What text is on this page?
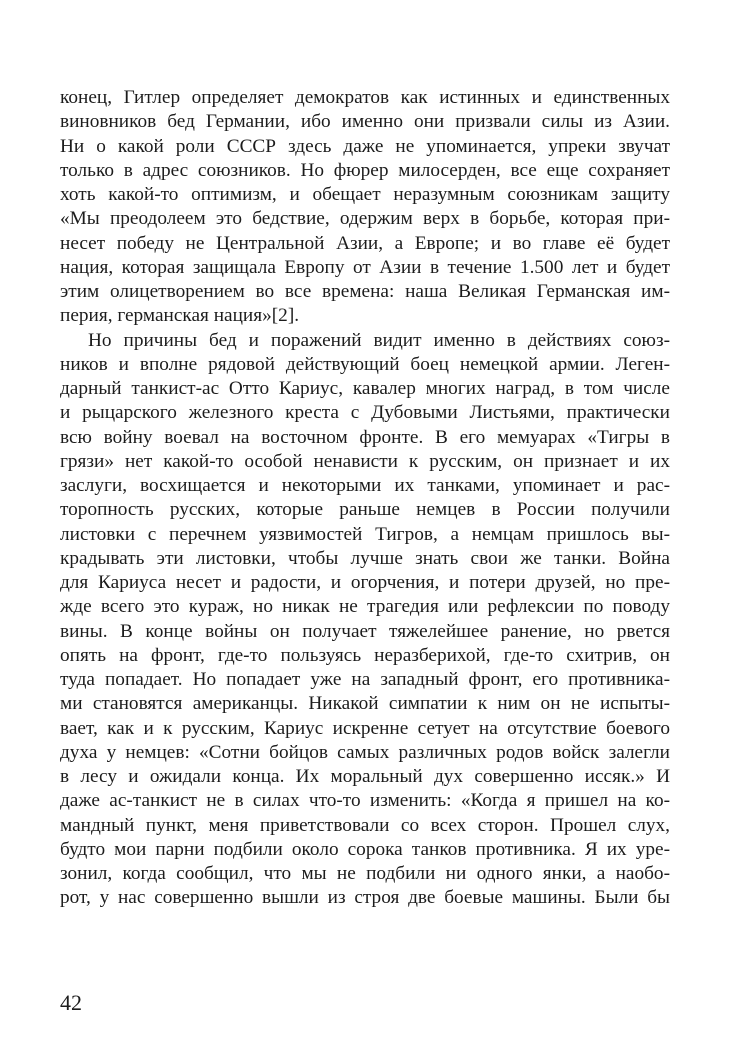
конец, Гитлер определяет демократов как истинных и единственных
виновников бед Германии, ибо именно они призвали силы из Азии.
Ни о какой роли СССР здесь даже не упоминается, упреки звучат
только в адрес союзников. Но фюрер милосерден, все еще сохраняет
хоть какой-то оптимизм, и обещает неразумным союзникам защиту
«Мы преодолеем это бедствие, одержим верх в борьбе, которая при-
несет победу не Центральной Азии, а Европе; и во главе её будет
нация, которая защищала Европу от Азии в течение 1.500 лет и будет
этим олицетворением во все времена: наша Великая Германская им-
перия, германская нация»[2].
Но причины бед и поражений видит именно в действиях союз-
ников и вполне рядовой действующий боец немецкой армии. Леген-
дарный танкист-ас Отто Кариус, кавалер многих наград, в том числе
и рыцарского железного креста с Дубовыми Листьями, практически
всю войну воевал на восточном фронте. В его мемуарах «Тигры в
грязи» нет какой-то особой ненависти к русским, он признает и их
заслуги, восхищается и некоторыми их танками, упоминает и рас-
торопность русских, которые раньше немцев в России получили
листовки с перечнем уязвимостей Тигров, а немцам пришлось вы-
крадывать эти листовки, чтобы лучше знать свои же танки. Война
для Кариуса несет и радости, и огорчения, и потери друзей, но пре-
жде всего это кураж, но никак не трагедия или рефлексии по поводу
вины. В конце войны он получает тяжелейшее ранение, но рвется
опять на фронт, где-то пользуясь неразберихой, где-то схитрив, он
туда попадает. Но попадает уже на западный фронт, его противника-
ми становятся американцы. Никакой симпатии к ним он не испыты-
вает, как и к русским, Кариус искренне сетует на отсутствие боевого
духа у немцев: «Сотни бойцов самых различных родов войск залегли
в лесу и ожидали конца. Их моральный дух совершенно иссяк.» И
даже ас-танкист не в силах что-то изменить: «Когда я пришел на ко-
мандный пункт, меня приветствовали со всех сторон. Прошел слух,
будто мои парни подбили около сорока танков противника. Я их уре-
зонил, когда сообщил, что мы не подбили ни одного янки, а наобо-
рот, у нас совершенно вышли из строя две боевые машины. Были бы
42
